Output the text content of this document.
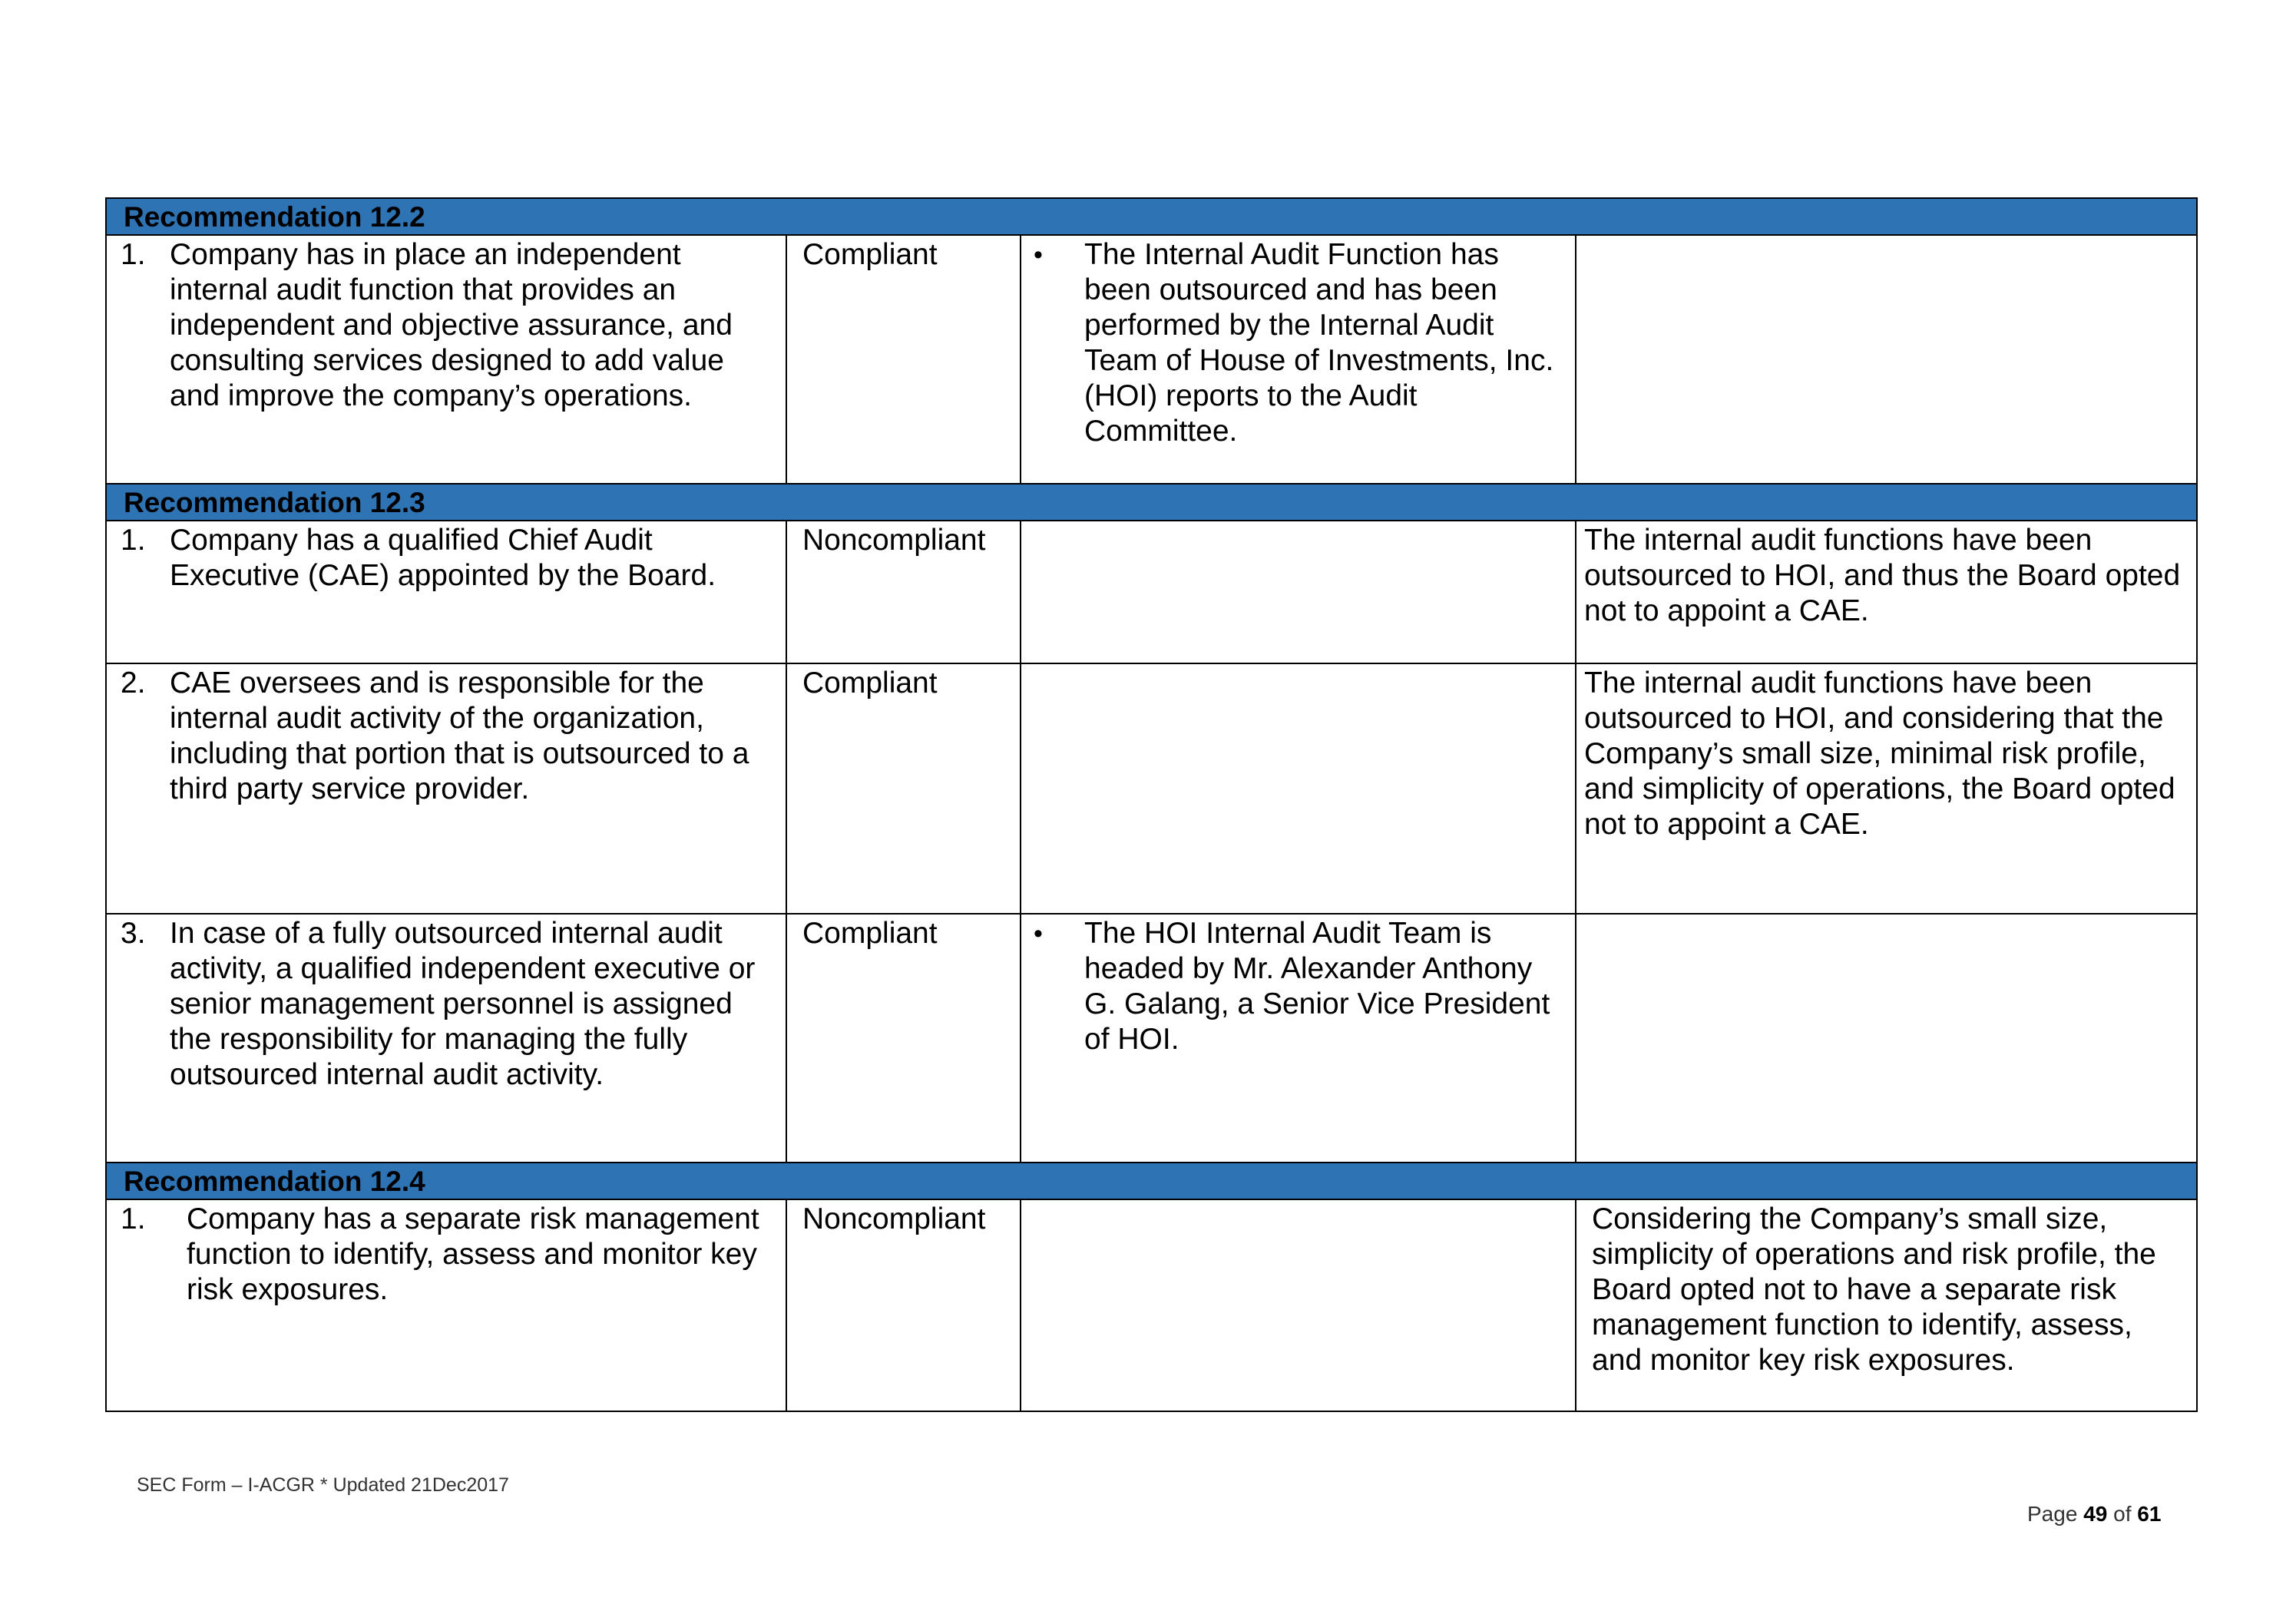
Recommendation 12.2			

1. Company has in place an independent internal audit function that provides an independent and objective assurance, and consulting services designed to add value and improve the company’s operations.	Compliant	• The Internal Audit Function has been outsourced and has been performed by the Internal Audit Team of House of Investments, Inc. (HOI) reports to the Audit Committee.	

Recommendation 12.3			

1. Company has a qualified Chief Audit Executive (CAE) appointed by the Board.	Noncompliant		The internal audit functions have been outsourced to HOI, and thus the Board opted not to appoint a CAE.

2. CAE oversees and is responsible for the internal audit activity of the organization, including that portion that is outsourced to a third party service provider.	Compliant		The internal audit functions have been outsourced to HOI, and considering that the Company’s small size, minimal risk profile, and simplicity of operations, the Board opted not to appoint a CAE.

3. In case of a fully outsourced internal audit activity, a qualified independent executive or senior management personnel is assigned the responsibility for managing the fully outsourced internal audit activity.	Compliant	• The HOI Internal Audit Team is headed by Mr. Alexander Anthony G. Galang, a Senior Vice President of HOI.	

Recommendation 12.4			

1. Company has a separate risk management function to identify, assess and monitor key risk exposures.	Noncompliant		Considering the Company’s small size, simplicity of operations and risk profile, the Board opted not to have a separate risk management function to identify, assess, and monitor key risk exposures.
SEC Form – I-ACGR * Updated 21Dec2017
Page 49 of 61
